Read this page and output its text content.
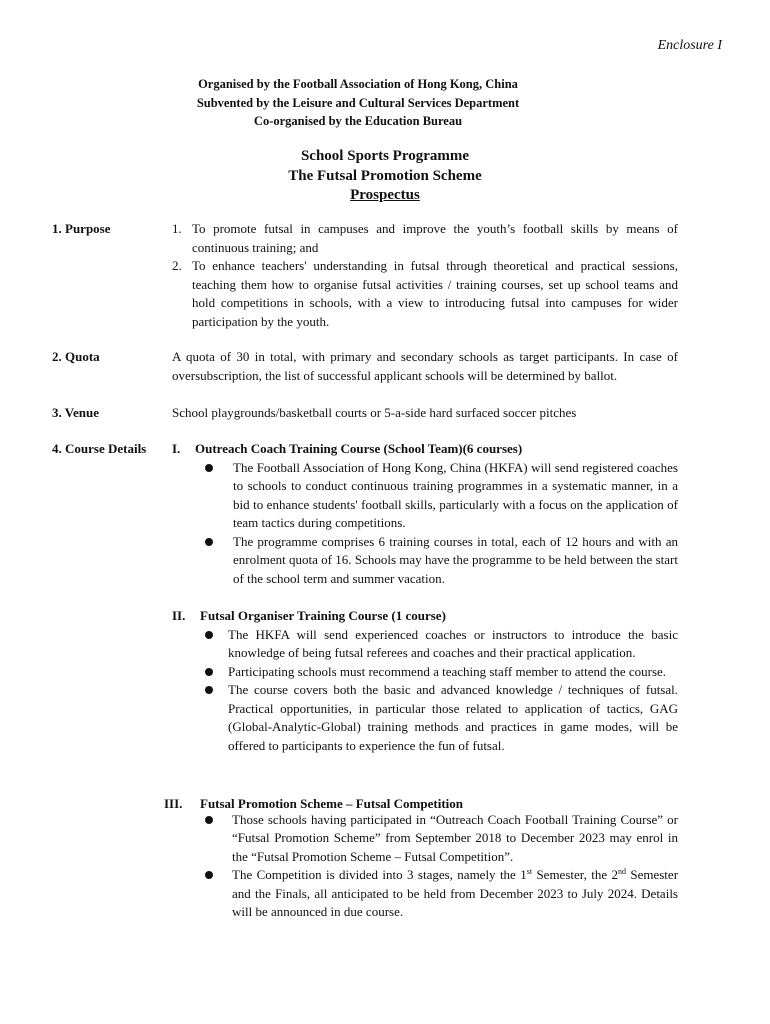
Enclosure I
Organised by the Football Association of Hong Kong, China
Subvented by the Leisure and Cultural Services Department
Co-organised by the Education Bureau
School Sports Programme
The Futsal Promotion Scheme
Prospectus
1. Purpose	1. To promote futsal in campuses and improve the youth’s football skills by means of continuous training; and
2. To enhance teachers' understanding in futsal through theoretical and practical sessions, teaching them how to organise futsal activities / training courses, set up school teams and hold competitions in schools, with a view to introducing futsal into campuses for wider participation by the youth.
2. Quota	A quota of 30 in total, with primary and secondary schools as target participants. In case of oversubscription, the list of successful applicant schools will be determined by ballot.
3. Venue	School playgrounds/basketball courts or 5-a-side hard surfaced soccer pitches
4. Course Details I. Outreach Coach Training Course (School Team)(6 courses)
The Football Association of Hong Kong, China (HKFA) will send registered coaches to schools to conduct continuous training programmes in a systematic manner, in a bid to enhance students' football skills, particularly with a focus on the application of team tactics during competitions.
The programme comprises 6 training courses in total, each of 12 hours and with an enrolment quota of 16. Schools may have the programme to be held between the start of the school term and summer vacation.
II. Futsal Organiser Training Course (1 course)
The HKFA will send experienced coaches or instructors to introduce the basic knowledge of being futsal referees and coaches and their practical application.
Participating schools must recommend a teaching staff member to attend the course.
The course covers both the basic and advanced knowledge / techniques of futsal. Practical opportunities, in particular those related to application of tactics, GAG (Global-Analytic-Global) training methods and practices in game modes, will be offered to participants to experience the fun of futsal.
III. Futsal Promotion Scheme – Futsal Competition
Those schools having participated in “Outreach Coach Football Training Course” or “Futsal Promotion Scheme” from September 2018 to December 2023 may enrol in the “Futsal Promotion Scheme – Futsal Competition”.
The Competition is divided into 3 stages, namely the 1st Semester, the 2nd Semester and the Finals, all anticipated to be held from December 2023 to July 2024. Details will be announced in due course.
